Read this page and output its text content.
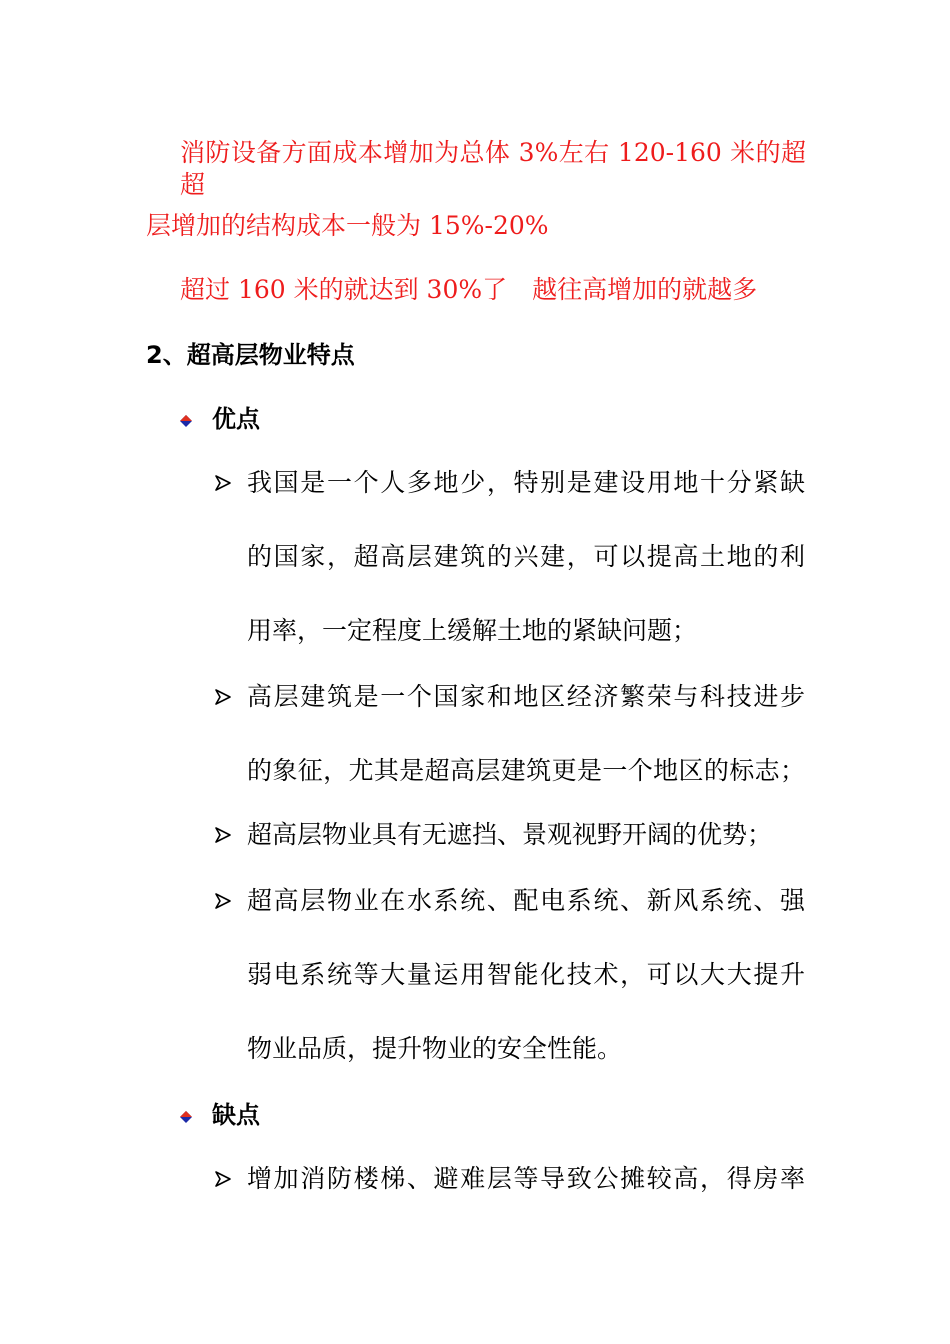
消防设备方面成本增加为总体 3%左右 120-160 米的超超
层增加的结构成本一般为 15%-20%
超过 160 米的就达到 30%了　越往高增加的就越多
2、超高层物业特点
优点
我国是一个人多地少，特别是建设用地十分紧缺
的国家，超高层建筑的兴建，可以提高土地的利
用率，一定程度上缓解土地的紧缺问题；
高层建筑是一个国家和地区经济繁荣与科技进步
的象征，尤其是超高层建筑更是一个地区的标志；
超高层物业具有无遮挡、景观视野开阔的优势；
超高层物业在水系统、配电系统、新风系统、强
弱电系统等大量运用智能化技术，可以大大提升
物业品质，提升物业的安全性能。
缺点
增加消防楼梯、避难层等导致公摊较高，得房率
